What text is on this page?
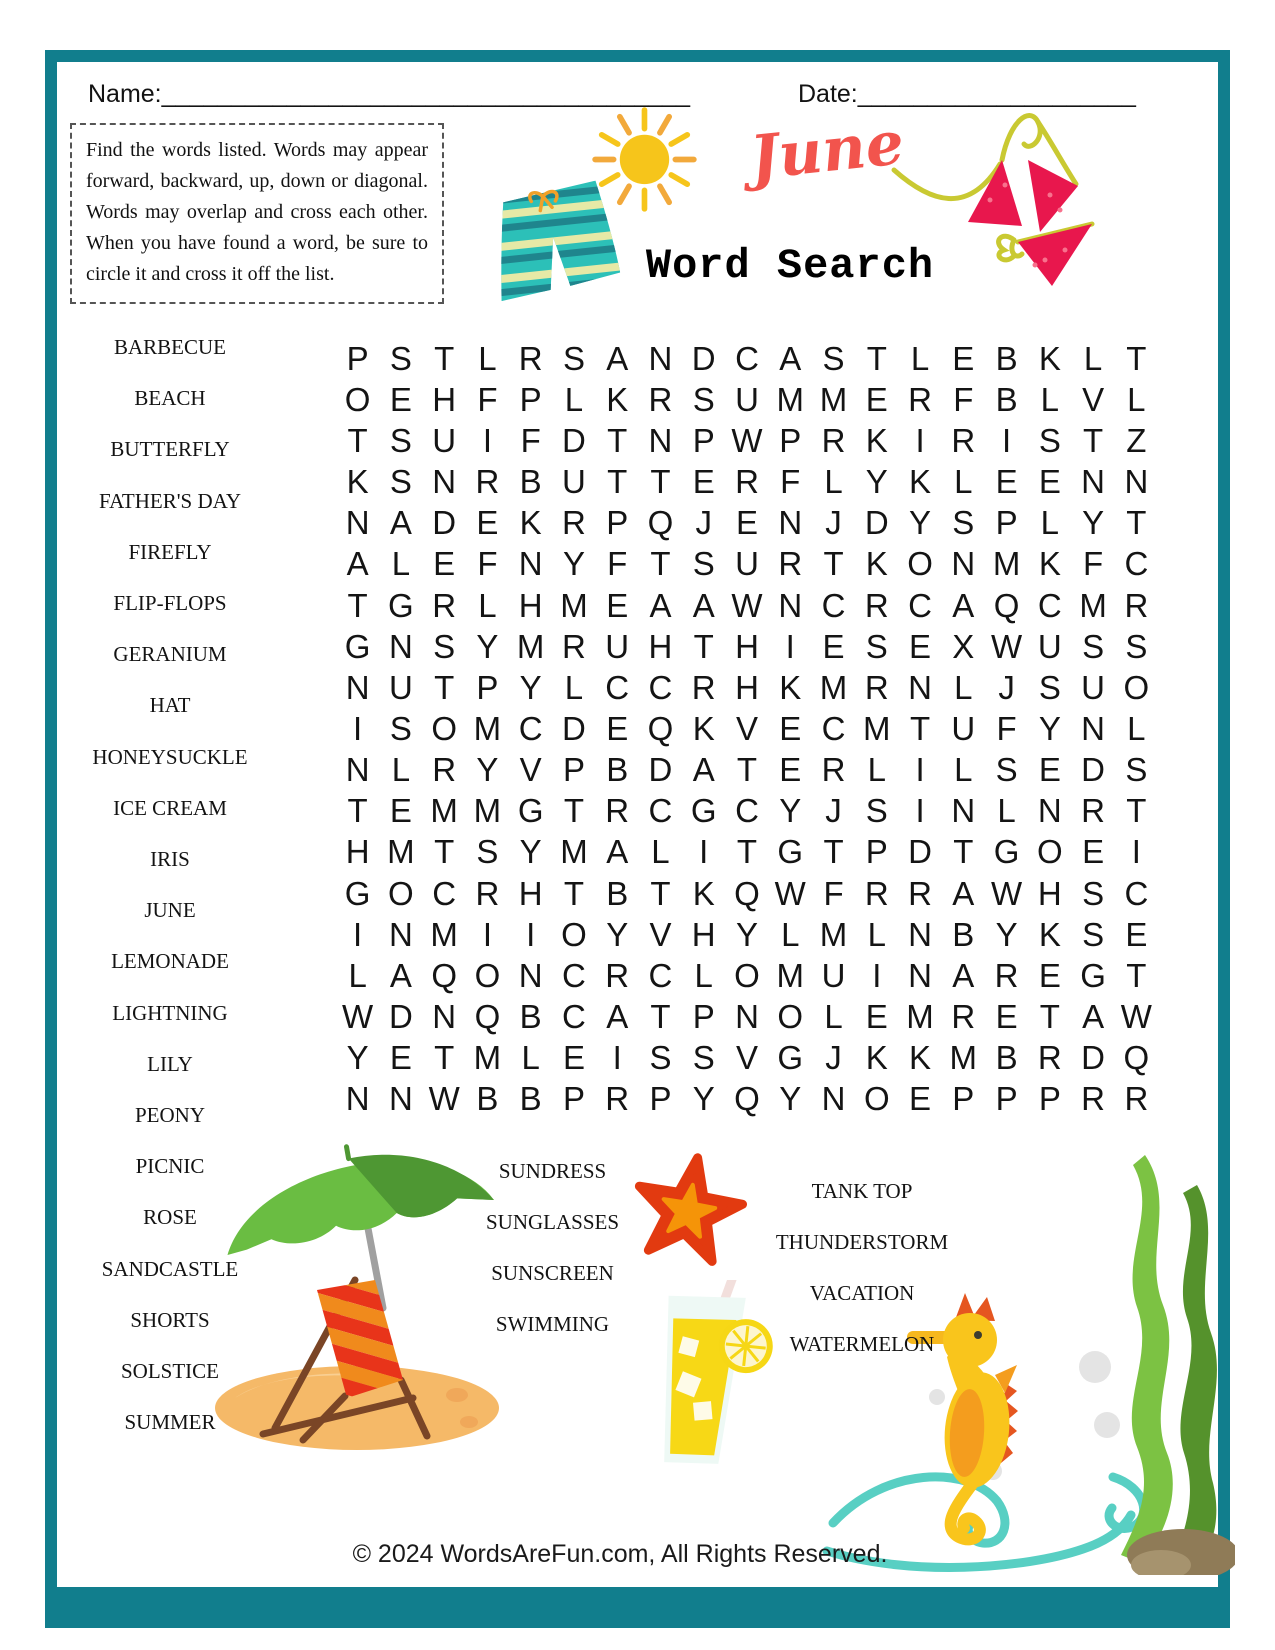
Name:______________________________________	Date:____________________
Find the words listed. Words may appear forward, backward, up, down or diagonal. Words may overlap and cross each other. When you have found a word, be sure to circle it and cross it off the list.
June
Word Search
BARBECUE
BEACH
BUTTERFLY
FATHER'S DAY
FIREFLY
FLIP-FLOPS
GERANIUM
HAT
HONEYSUCKLE
ICE CREAM
IRIS
JUNE
LEMONADE
LIGHTNING
LILY
PEONY
PICNIC
ROSE
SANDCASTLE
SHORTS
SOLSTICE
SUMMER
P S T L R S A N D C A S T L E B K L T
O E H F P L K R S U M M E R F B L V L
T S U I F D T N P W P R K I R I S T Z
K S N R B U T T E R F L Y K L E E N N
N A D E K R P Q J E N J D Y S P L Y T
A L E F N Y F T S U R T K O N M K F C
T G R L H M E A A W N C R C A Q C M R
G N S Y M R U H T H I E S E X W U S S
N U T P Y L C C R H K M R N L J S U O
I S O M C D E Q K V E C M T U F Y N L
N L R Y V P B D A T E R L I L S E D S
T E M M G T R C G C Y J S I N L N R T
H M T S Y M A L I T G T P D T G O E I
G O C R H T B T K Q W F R R A W H S C
I N M I	I O Y V H Y L M L N B Y K S E
L A Q O N C R C L O M U I N A R E G T
W D N Q B C A T P N O L E M R E T A W
Y E T M L E I S S V G J K K M B R D Q
N N W B B P R P Y Q Y N O E P P P R R
SUNDRESS
SUNGLASSES
SUNSCREEN
SWIMMING
TANK TOP
THUNDERSTORM
VACATION
WATERMELON
© 2024 WordsAreFun.com, All Rights Reserved.
